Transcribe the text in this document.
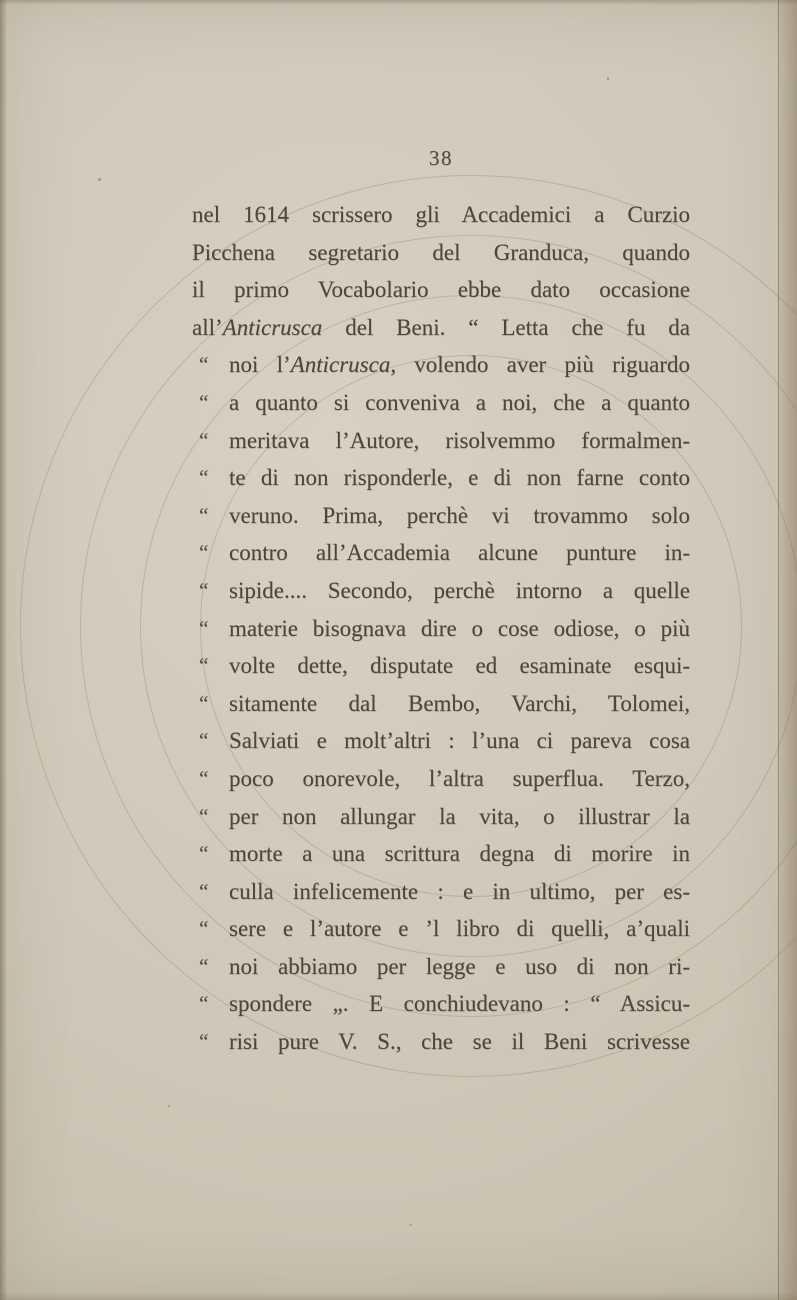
38
nel 1614 scrissero gli Accademici a Curzio
Picchena segretario del Granduca, quando
il primo Vocabolario ebbe dato occasione
all’Anticrusca del Beni. “ Letta che fu da
“ noi l’Anticrusca, volendo aver più riguardo
“ a quanto si conveniva a noi, che a quanto
“ meritava l’Autore, risolvemmo formalmen-
“ te di non risponderle, e di non farne conto
“ veruno. Prima, perchè vi trovammo solo
“ contro all’Accademia alcune punture in-
“ sipide.... Secondo, perchè intorno a quelle
“ materie bisognava dire o cose odiose, o più
“ volte dette, disputate ed esaminate esqui-
“ sitamente dal Bembo, Varchi, Tolomei,
“ Salviati e molt’altri : l’una ci pareva cosa
“ poco onorevole, l’altra superflua. Terzo,
“ per non allungar la vita, o illustrar la
“ morte a una scrittura degna di morire in
“ culla infelicemente : e in ultimo, per es-
“ sere e l’autore e ’l libro di quelli, a’quali
“ noi abbiamo per legge e uso di non ri-
“ spondere „. E conchiudevano : “ Assicu-
“ risi pure V. S., che se il Beni scrivesse
